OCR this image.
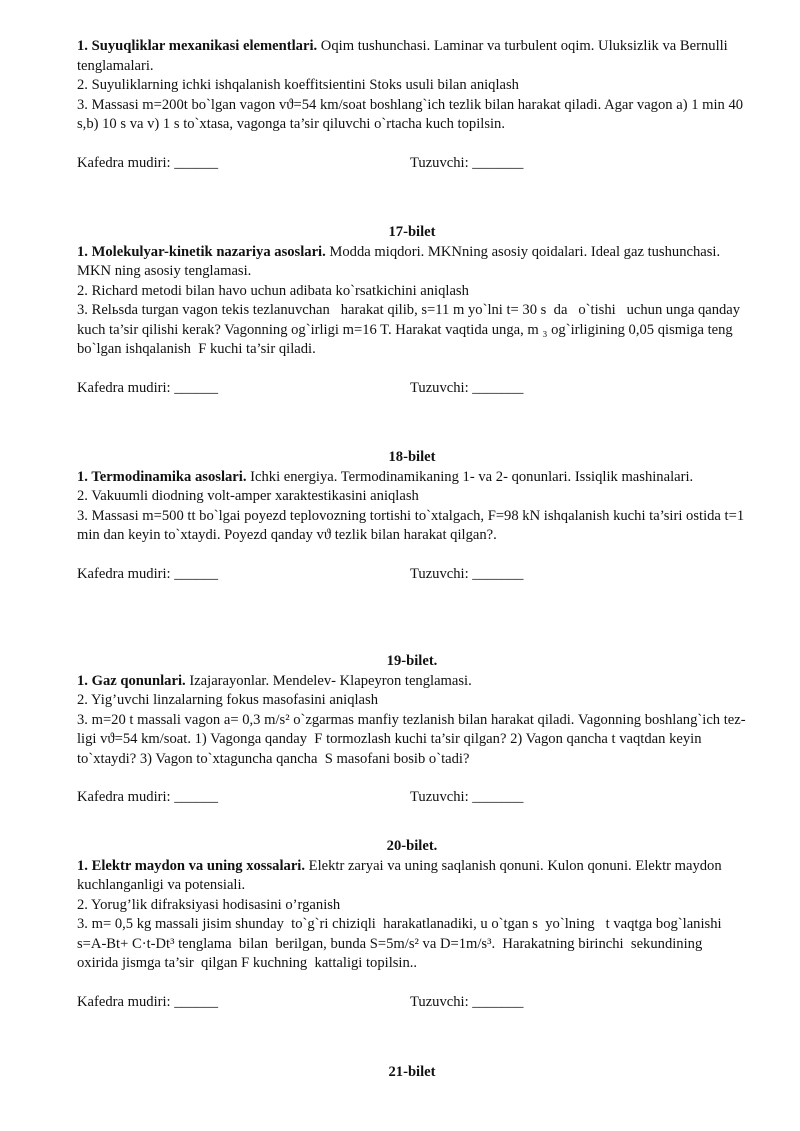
1. Suyuqliklar mexanikasi elementlari. Oqim tushunchasi. Laminar va turbulent oqim. Uluksizlik va Bernulli tenglamalari.
2. Suyuliklarning ichki ishqalanish koeffitsientini Stoks usuli bilan aniqlash
3. Massasi m=200t bo`lgan vagon vϑ=54 km/soat boshlang`ich tezlik bilan harakat qiladi. Agar vagon a) 1 min 40 s,b) 10 s va v) 1 s to`xtasa, vagonga ta’sir qiluvchi o`rtacha kuch topilsin.
Kafedra mudiri: ______	Tuzuvchi: _______
17-bilet
1. Molekulyar-kinetik nazariya asoslari. Modda miqdori. MKNning asosiy qoidalari. Ideal gaz tushunchasi. MKN ning asosiy tenglamasi.
2. Richard metodi bilan havo uchun adibata ko`rsatkichini aniqlash
3. Relьsda turgan vagon tekis tezlanuvchan   harakat qilib, s=11 m yo`lni t= 30 s  da   o`tishi   uchun unga qanday  kuch ta’sir qilishi kerak? Vagonning og`irligi m=16 T. Harakat vaqtida unga, m ₃ og`irligining 0,05 qismiga teng bo`lgan ishqalanish  F kuchi ta’sir qiladi.
Kafedra mudiri: ______	Tuzuvchi: _______
18-bilet
1. Termodinamika asoslari. Ichki energiya. Termodinamikaning 1- va 2- qonunlari. Issiqlik mashinalari.
2. Vakuumli diodning volt-amper xaraktestikasini aniqlash
3. Massasi m=500 tt bo`lgai poyezd teplovozning tortishi to`xtalgach, F=98 kN ishqalanish kuchi ta’siri ostida t=1 min dan keyin to`xtaydi. Poyezd qanday vϑ tezlik bilan harakat qilgan?.
Kafedra mudiri: ______	Tuzuvchi: _______
19-bilet.
1. Gaz qonunlari. Izajarayonlar. Mendelev- Klapeyron tenglamasi.
2. Yig’uvchi linzalarning fokus masofasini aniqlash
3. m=20 t massali vagon a= 0,3 m/s² o`zgarmas manfiy tezlanish bilan harakat qiladi. Vagonning boshlang`ich tez-ligi vϑ=54 km/soat. 1) Vagonga qanday  F tormozlash kuchi ta’sir qilgan? 2) Vagon qancha t vaqtdan keyin to`xtaydi? 3) Vagon to`xtaguncha qancha  S masofani bosib o`tadi?
Kafedra mudiri: ______	Tuzuvchi: _______
20-bilet.
1. Elektr maydon va uning xossalari. Elektr zaryai va uning saqlanish qonuni. Kulon qonuni. Elektr maydon kuchlanganligi va potensiali.
2. Yorug’lik difraksiyasi hodisasini o’rganish
3. m= 0,5 kg massali jisim shunday  to`g`ri chiziqli  harakatlanadiki, u o`tgan s  yo`lning   t vaqtga bog`lanishi   s=A-Bt+ C·t-Dt³ tenglama  bilan  berilgan, bunda S=5m/s² va D=1m/s³.  Harakatning birinchi  sekundining  oxirida jismga ta’sir  qilgan F kuchning  kattaligi topilsin..
Kafedra mudiri: ______	Tuzuvchi: _______
21-bilet
